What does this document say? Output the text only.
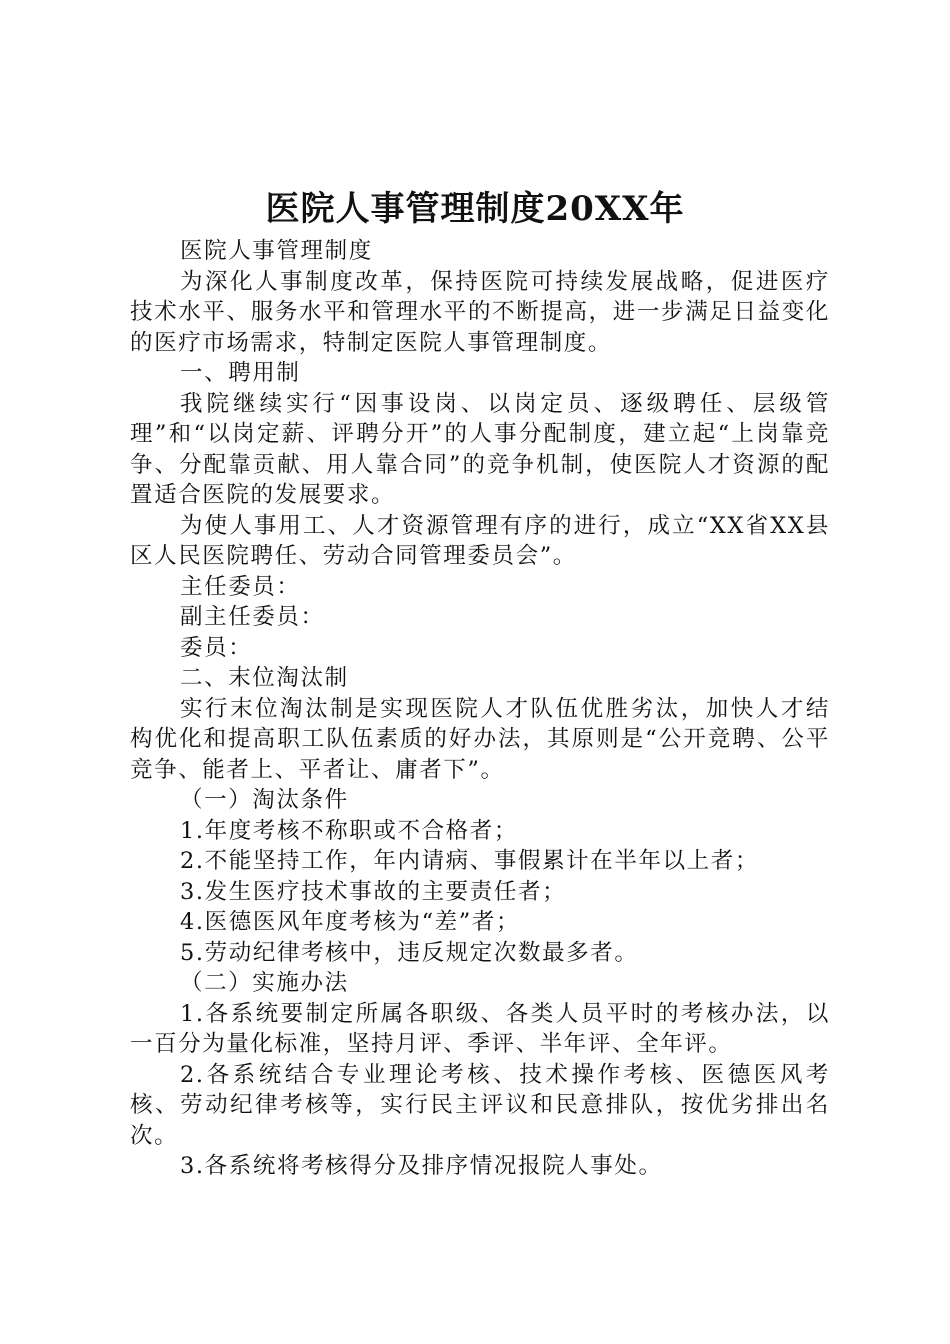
医院人事管理制度20XX年

医院人事管理制度

为深化人事制度改革，保持医院可持续发展战略，促进医疗技术水平、服务水平和管理水平的不断提高，进一步满足日益变化的医疗市场需求，特制定医院人事管理制度。

一、聘用制

我院继续实行“因事设岗、以岗定员、逐级聘任、层级管理”和“以岗定薪、评聘分开”的人事分配制度，建立起“上岗靠竞争、分配靠贡献、用人靠合同”的竞争机制，使医院人才资源的配置适合医院的发展要求。

为使人事用工、人才资源管理有序的进行，成立“XX省XX县区人民医院聘任、劳动合同管理委员会”。

主任委员：

副主任委员：

委员：

二、末位淘汰制

实行末位淘汰制是实现医院人才队伍优胜劣汰，加快人才结构优化和提高职工队伍素质的好办法，其原则是“公开竞聘、公平竞争、能者上、平者让、庸者下”。

（一）淘汰条件

1.年度考核不称职或不合格者；

2.不能坚持工作，年内请病、事假累计在半年以上者；

3.发生医疗技术事故的主要责任者；

4.医德医风年度考核为“差”者；

5.劳动纪律考核中，违反规定次数最多者。

（二）实施办法

1.各系统要制定所属各职级、各类人员平时的考核办法，以一百分为量化标准，坚持月评、季评、半年评、全年评。

2.各系统结合专业理论考核、技术操作考核、医德医风考核、劳动纪律考核等，实行民主评议和民意排队，按优劣排出名次。

3.各系统将考核得分及排序情况报院人事处。
